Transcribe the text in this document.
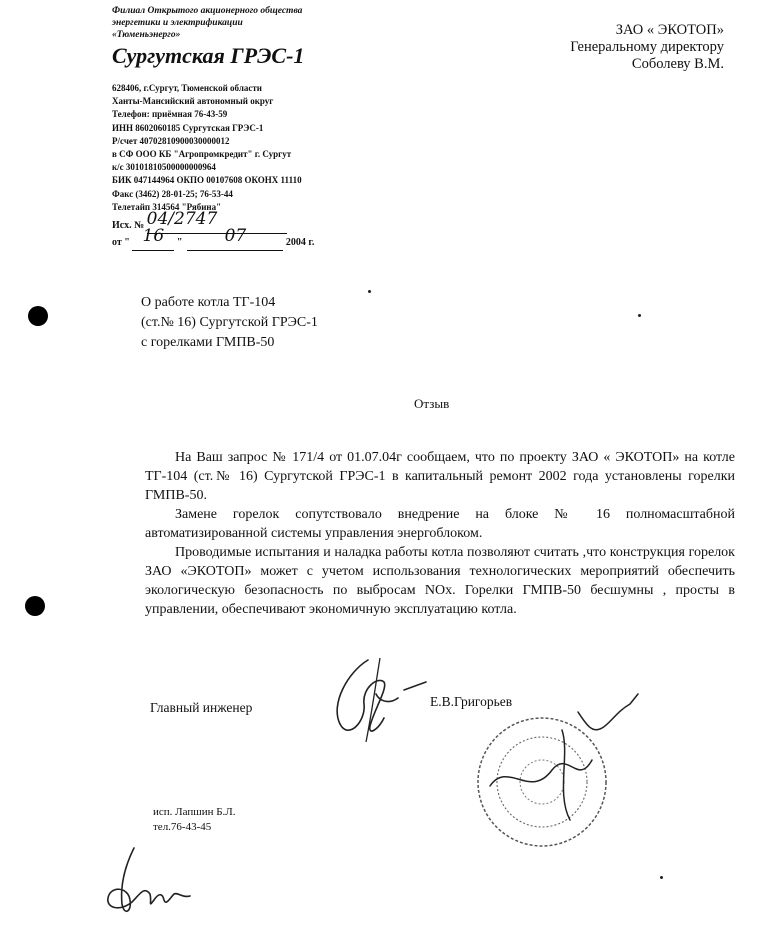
Филиал Открытого акционерного общества
энергетики и электрификации
«Тюменьэнерго»
Сургутская ГРЭС-1
628406, г.Сургут, Тюменской области
Ханты-Мансийский автономный округ
Телефон: приёмная 76-43-59
ИНН 8602060185 Сургутская ГРЭС-1
Р/счет 40702810900030000012
в СФ ООО КБ "Агропромкредит" г. Сургут
к/с 30101810500000000964
БИК 047144964 ОКПО 00107608 ОКОНХ 11110
Факс (3462) 28-01-25; 76-53-44
Телетайп 314564 "Рябина"
Исх. № 04/2747
от " 16 "  07	2004 г.
ЗАО « ЭКОТОП»
Генеральному директору
Соболеву В.М.
О работе котла ТГ-104
(ст.№ 16) Сургутской ГРЭС-1
с горелками ГМПВ-50
Отзыв

На Ваш запрос № 171/4 от 01.07.04г сообщаем, что по проекту ЗАО « ЭКОТОП» на котле ТГ-104 (ст.№ 16) Сургутской ГРЭС-1 в капитальный ремонт 2002 года установлены горелки ГМПВ-50.

Замене горелок сопутствовало внедрение на блоке № 16 полномасштабной автоматизированной системы управления энергоблоком.

Проводимые испытания и наладка работы котла позволяют считать ,что конструкция горелок ЗАО «ЭКОТОП» может с учетом использования технологических мероприятий обеспечить экологическую безопасность по выбросам NOx. Горелки ГМПВ-50 бесшумны , просты в управлении, обеспечивают экономичную эксплуатацию котла.

Главный инженер	Е.В.Григорьев
исп. Лапшин Б.Л.
тел.76-43-45
